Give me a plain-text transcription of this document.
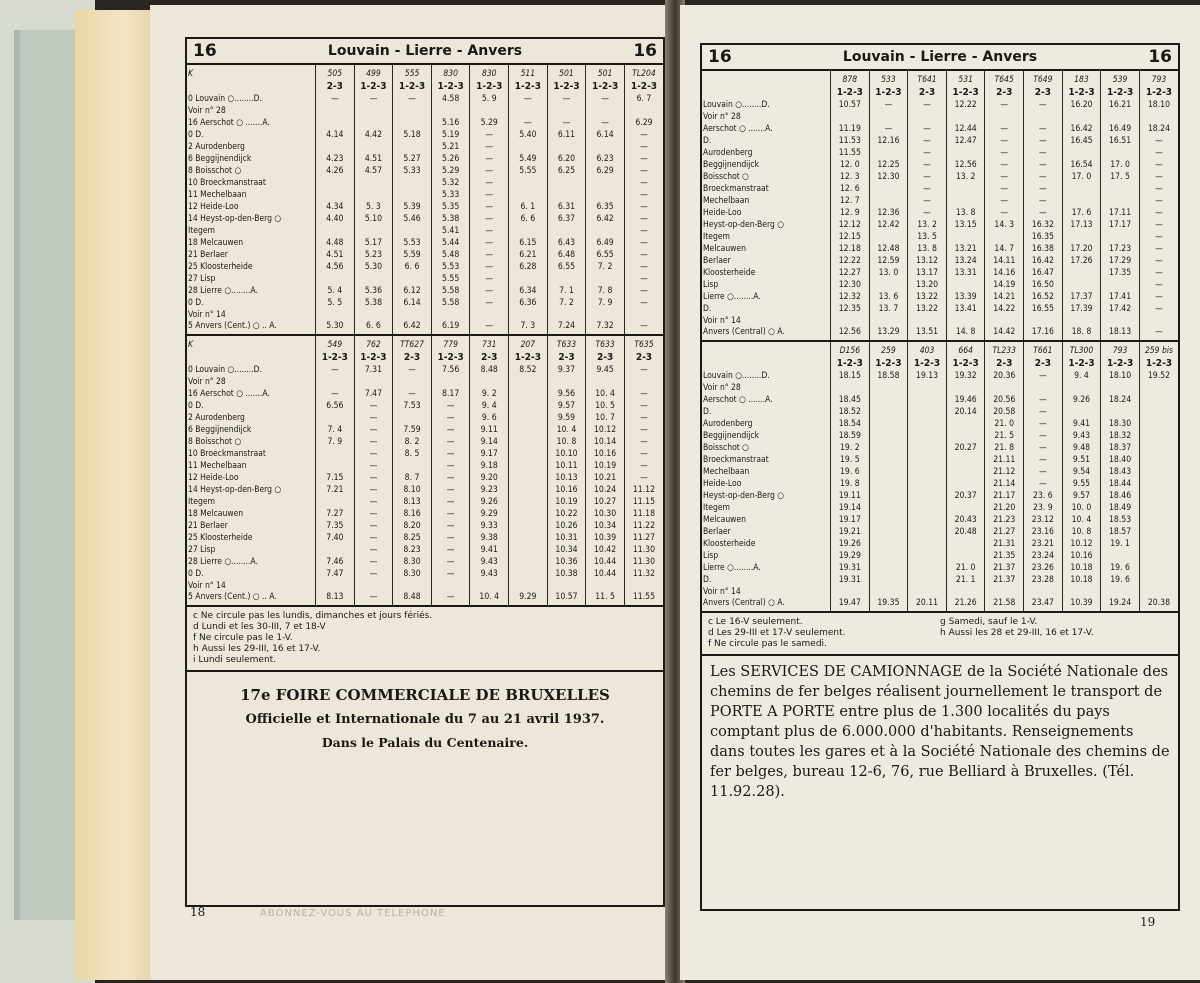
16	Louvain - Lierre - Anvers	16
K	505	499	555	830	830	511	501	501	TL204
	2-3	1-2-3	1-2-3	1-2-3	1-2-3	1-2-3	1-2-3	1-2-3	1-2-3
0 Louvain ○........D.	—	—	—	4.58	5. 9	—	—	—	6. 7
Voir n° 28									
16 Aerschot ○ .......A.				5.16	5.29	—	—	—	6.29
0 D.	4.14	4.42	5.18	5.19	—	5.40	6.11	6.14	—
2 Aurodenberg				5.21	—				—
6 Beggijnendijck	4.23	4.51	5.27	5.26	—	5.49	6.20	6.23	—
8 Boisschot ○	4.26	4.57	5.33	5.29	—	5.55	6.25	6.29	—
10 Broeckmanstraat				5.32	—				—
11 Mechelbaan				5.33	—				—
12 Heide-Loo	4.34	5. 3	5.39	5.35	—	6. 1	6.31	6.35	—
14 Heyst-op-den-Berg ○	4.40	5.10	5.46	5.38	—	6. 6	6.37	6.42	—
Itegem				5.41	—				—
18 Melcauwen	4.48	5.17	5.53	5.44	—	6.15	6.43	6.49	—
21 Berlaer	4.51	5.23	5.59	5.48	—	6.21	6.48	6.55	—
25 Kloosterheide	4.56	5.30	6. 6	5.53	—	6.28	6.55	7. 2	—
27 Lisp				5.55	—				—
28 Lierre ○........A.	5. 4	5.36	6.12	5.58	—	6.34	7. 1	7. 8	—
0 D.	5. 5	5.38	6.14	5.58	—	6.36	7. 2	7. 9	—
Voir n° 14									
5 Anvers (Cent.) ○ .. A.	5.30	6. 6	6.42	6.19	—	7. 3	7.24	7.32	—
K	549	762	TT627	779	731	207	T633	T633	T635
	1-2-3	1-2-3	2-3	1-2-3	2-3	1-2-3	2-3	2-3	2-3
0 Louvain ○........D.	—	7.31	—	7.56	8.48	8.52	9.37	9.45	—
Voir n° 28									
16 Aerschot ○ .......A.	—	7.47	—	8.17	9. 2		9.56	10. 4	—
0 D.	6.56	—	7.53	—	9. 4		9.57	10. 5	—
2 Aurodenberg		—		—	9. 6		9.59	10. 7	—
6 Beggijnendijck	7. 4	—	7.59	—	9.11		10. 4	10.12	—
8 Boisschot ○	7. 9	—	8. 2	—	9.14		10. 8	10.14	—
10 Broeckmanstraat		—	8. 5	—	9.17		10.10	10.16	—
11 Mechelbaan		—		—	9.18		10.11	10.19	—
12 Heide-Loo	7.15	—	8. 7	—	9.20		10.13	10.21	—
14 Heyst-op-den-Berg ○	7.21	—	8.10	—	9.23		10.16	10.24	11.12
Itegem		—	8.13	—	9.26		10.19	10.27	11.15
18 Melcauwen	7.27	—	8.16	—	9.29		10.22	10.30	11.18
21 Berlaer	7.35	—	8.20	—	9.33		10.26	10.34	11.22
25 Kloosterheide	7.40	—	8.25	—	9.38		10.31	10.39	11.27
27 Lisp		—	8.23	—	9.41		10.34	10.42	11.30
28 Lierre ○........A.	7.46	—	8.30	—	9.43		10.36	10.44	11.30
0 D.	7.47	—	8.30	—	9.43		10.38	10.44	11.32
Voir n° 14									
5 Anvers (Cent.) ○ .. A.	8.13	—	8.48	—	10. 4	9.29	10.57	11. 5	11.55
c Ne circule pas les lundis, dimanches et jours fériés.
d Lundi et les 30-III, 7 et 18-V
f Ne circule pas le 1-V.
h Aussi les 29-III, 16 et 17-V.
i Lundi seulement.
17e FOIRE COMMERCIALE DE BRUXELLES
Officielle et Internationale du 7 au 21 avril 1937.
Dans le Palais du Centenaire.
18	ABONNEZ-VOUS AU TELEPHONE
16	Louvain - Lierre - Anvers	16
	878	533	T641	531	T645	T649	183	539	793
	1-2-3	1-2-3	2-3	1-2-3	2-3	2-3	1-2-3	1-2-3	1-2-3
Louvain ○........D.	10.57	—	—	12.22	—	—	16.20	16.21	18.10
Voir n° 28									
Aerschot ○ .......A.	11.19	—	—	12.44	—	—	16.42	16.49	18.24
D.	11.53	12.16	—	12.47	—	—	16.45	16.51	—
Aurodenberg	11.55		—		—	—			—
Beggijnendijck	12. 0	12.25	—	12.56	—	—	16.54	17. 0	—
Boisschot ○	12. 3	12.30	—	13. 2	—	—	17. 0	17. 5	—
Broeckmanstraat	12. 6		—		—	—			—
Mechelbaan	12. 7		—		—	—			—
Heide-Loo	12. 9	12.36	—	13. 8	—	—	17. 6	17.11	—
Heyst-op-den-Berg ○	12.12	12.42	13. 2	13.15	14. 3	16.32	17.13	17.17	—
Itegem	12.15		13. 5			16.35			—
Melcauwen	12.18	12.48	13. 8	13.21	14. 7	16.38	17.20	17.23	—
Berlaer	12.22	12.59	13.12	13.24	14.11	16.42	17.26	17.29	—
Kloosterheide	12.27	13. 0	13.17	13.31	14.16	16.47		17.35	—
Lisp	12.30		13.20		14.19	16.50			—
Lierre ○........A.	12.32	13. 6	13.22	13.39	14.21	16.52	17.37	17.41	—
D.	12.35	13. 7	13.22	13.41	14.22	16.55	17.39	17.42	—
Voir n° 14									
Anvers (Central) ○ A.	12.56	13.29	13.51	14. 8	14.42	17.16	18. 8	18.13	—
	D156	259	403	664	TL233	T661	TL300	793	259 bis
	1-2-3	1-2-3	1-2-3	1-2-3	2-3	2-3	1-2-3	1-2-3	1-2-3
Louvain ○........D.	18.15	18.58	19.13	19.32	20.36	—	9. 4	18.10	19.52
Voir n° 28									
Aerschot ○ .......A.	18.45			19.46	20.56	—	9.26	18.24	
D.	18.52			20.14	20.58	—			
Aurodenberg	18.54				21. 0	—	9.41	18.30	
Beggijnendijck	18.59				21. 5	—	9.43	18.32	
Boisschot ○	19. 2			20.27	21. 8	—	9.48	18.37	
Broeckmanstraat	19. 5				21.11	—	9.51	18.40	
Mechelbaan	19. 6				21.12	—	9.54	18.43	
Heide-Loo	19. 8				21.14	—	9.55	18.44	
Heyst-op-den-Berg ○	19.11			20.37	21.17	23. 6	9.57	18.46	
Itegem	19.14				21.20	23. 9	10. 0	18.49	
Melcauwen	19.17			20.43	21.23	23.12	10. 4	18.53	
Berlaer	19.21			20.48	21.27	23.16	10. 8	18.57	
Kloosterheide	19.26				21.31	23.21	10.12	19. 1	
Lisp	19.29				21.35	23.24	10.16		
Lierre ○........A.	19.31			21. 0	21.37	23.26	10.18	19. 6	
D.	19.31			21. 1	21.37	23.28	10.18	19. 6	
Voir n° 14									
Anvers (Central) ○ A.	19.47	19.35	20.11	21.26	21.58	23.47	10.39	19.24	20.38
c Le 16-V seulement.	g Samedi, sauf le 1-V.
d Les 29-III et 17-V seulement.	h Aussi les 28 et 29-III, 16 et 17-V.
f Ne circule pas le samedi.
Les SERVICES DE CAMIONNAGE de la Société Nationale des chemins de fer belges réalisent journellement le transport de PORTE A PORTE entre plus de 1.300 localités du pays comptant plus de 6.000.000 d'habitants. Renseignements dans toutes les gares et à la Société Nationale des chemins de fer belges, bureau 12-6, 76, rue Belliard à Bruxelles. (Tél. 11.92.28).
19
